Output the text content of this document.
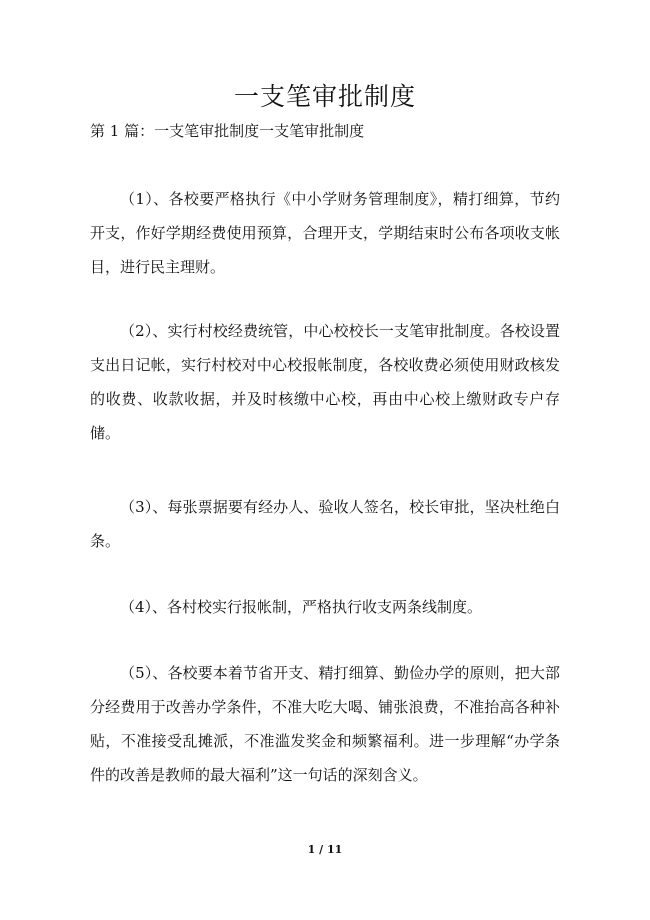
一支笔审批制度
第 1 篇：一支笔审批制度一支笔审批制度

（1）、各校要严格执行《中小学财务管理制度》，精打细算，节约开支，作好学期经费使用预算，合理开支，学期结束时公布各项收支帐目，进行民主理财。

（2）、实行村校经费统管，中心校校长一支笔审批制度。各校设置支出日记帐，实行村校对中心校报帐制度，各校收费必须使用财政核发的收费、收款收据，并及时核缴中心校，再由中心校上缴财政专户存储。

（3）、每张票据要有经办人、验收人签名，校长审批，坚决杜绝白条。

（4）、各村校实行报帐制，严格执行收支两条线制度。

（5）、各校要本着节省开支、精打细算、勤俭办学的原则，把大部分经费用于改善办学条件，不准大吃大喝、铺张浪费，不准抬高各种补贴，不准接受乱摊派，不准滥发奖金和频繁福利。进一步理解“办学条件的改善是教师的最大福利”这一句话的深刻含义。

1 / 11
